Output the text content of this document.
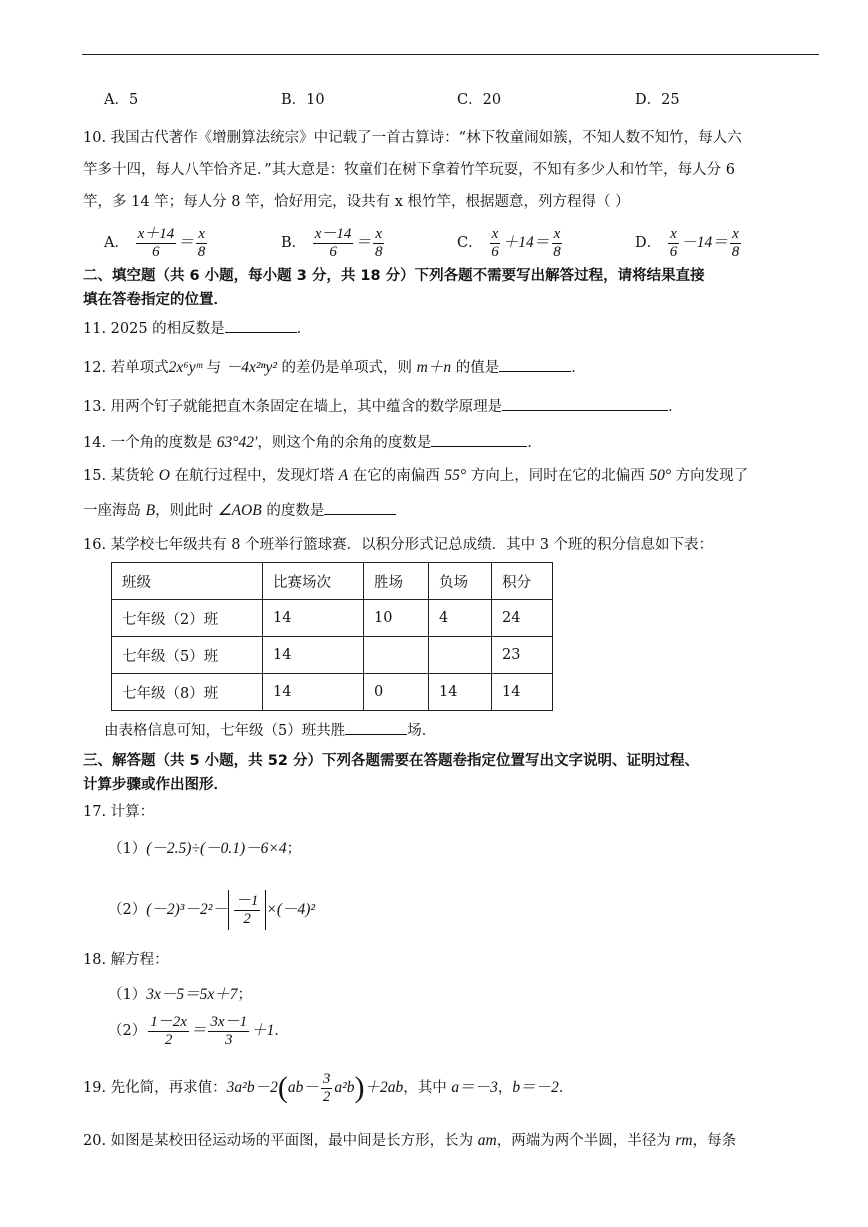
A．5	B．10	C．20	D．25
10. 我国古代著作《增删算法统宗》中记载了一首古算诗：“林下牧童闹如簇，不知人数不知竹，每人六
竿多十四，每人八竿恰齐足．”其大意是：牧童们在树下拿着竹竿玩耍，不知有多少人和竹竿，每人分 6
竿，多 14 竿；每人分 8 竿，恰好用完，设共有 x 根竹竿，根据题意，列方程得（ ）
A． $\frac{x+14}{6} = \frac{x}{8}$	B． $\frac{x-14}{6} = \frac{x}{8}$	C． $\frac{x}{6} +14= \frac{x}{8}$	D． $\frac{x}{6} -14= \frac{x}{8}$
二、填空题（共 6 小题，每小题 3 分，共 18 分）下列各题不需要写出解答过程，请将结果直接
填在答卷指定的位置．
11. 2025 的相反数是	．
12. 若单项式2x⁶yᵐ 与 －4x²ⁿy² 的差仍是单项式，则 m＋n 的值是	．
13. 用两个钉子就能把直木条固定在墙上，其中蕴含的数学原理是	．
14. 一个角的度数是 63°42′，则这个角的余角的度数是	．
15. 某货轮 O 在航行过程中，发现灯塔 A 在它的南偏西 55° 方向上，同时在它的北偏西 50° 方向发现了
一座海岛 B，则此时 ∠AOB 的度数是
16. 某学校七年级共有 8 个班举行篮球赛．以积分形式记总成绩．其中 3 个班的积分信息如下表：
班级	比赛场次	胜场	负场	积分
七年级（2）班	14	10	4	24
七年级（5）班	14			23
七年级（8）班	14	0	14	14
由表格信息可知，七年级（5）班共胜	场．
三、解答题（共 5 小题，共 52 分）下列各题需要在答题卷指定位置写出文字说明、证明过程、
计算步骤或作出图形．
17. 计算：
（1）(－2.5)÷(－0.1)－6×4；
$(2)(-2)^3-2^2- \frac{-1}{2} \times(-4)^2$
18. 解方程：
（1）3x－5＝5x＋7；
$(2) \frac{1-2x}{2} = \frac{3x-1}{3} +1$．
19. 先化简，再求值：$3a^2b-2(ab- \frac{3}{2} a^2b)+2ab$，其中 a＝－3，b＝－2．
20. 如图是某校田径运动场的平面图，最中间是长方形，长为 am，两端为两个半圆，半径为 rm，每条
